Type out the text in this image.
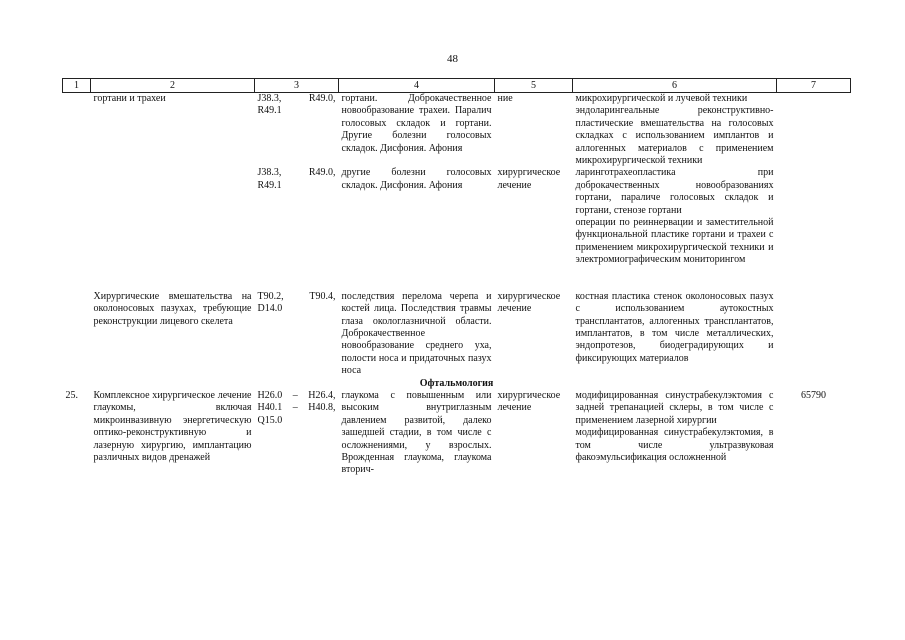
48
1	2	3	4	5	6	7
	гортани и трахеи	J38.3, R49.0, R49.1	гортани. Доброкачественное новообразование трахеи. Паралич голосовых складок и гортани. Другие болезни голосовых складок. Дисфония. Афония	ние	микрохирургической и лучевой техники
эндоларингеальные реконструктивно-пластические вмешательства на голосовых складках с использованием имплантов и аллогенных материалов с применением микрохирургической техники	

		J38.3, R49.0, R49.1	другие болезни голосовых складок. Дисфония. Афония	хирургическое лечение	ларинготрахеопластика при доброкачественных новообразованиях гортани, параличе голосовых складок и гортани, стенозе гортани
операции по реиннервации и заместительной функциональной пластике гортани и трахеи с применением микрохирургической техники и электромиографическим мониторингом	

	Хирургические вмешательства на околоносовых пазухах, требующие реконструкции лицевого скелета	T90.2, T90.4, D14.0	последствия перелома черепа и костей лица. Последствия травмы глаза окологлазничной области. Доброкачественное новообразование среднего уха, полости носа и придаточных пазух носа	хирургическое лечение	костная пластика стенок околоносовых пазух с использованием аутокостных трансплантатов, аллогенных трансплантатов, имплантатов, в том числе металлических, эндопротезов, биодеградирующих и фиксирующих материалов	

Офтальмология						
25.	Комплексное хирургическое лечение глаукомы, включая микроинвазивную энергетическую оптико-реконструктивную и лазерную хирургию, имплантацию различных видов дренажей	H26.0 – H26.4, H40.1 – H40.8, Q15.0	глаукома с повышенным или высоким внутриглазным давлением развитой, далеко зашедшей стадии, в том числе с осложнениями, у взрослых. Врожденная глаукома, глаукома вторич-	хирургическое лечение	модифицированная синустрабекулэктомия с задней трепанацией склеры, в том числе с применением лазерной хирургии
модифицированная синустрабекулэктомия, в том числе ультразвуковая факоэмульсификация осложненной	65790
